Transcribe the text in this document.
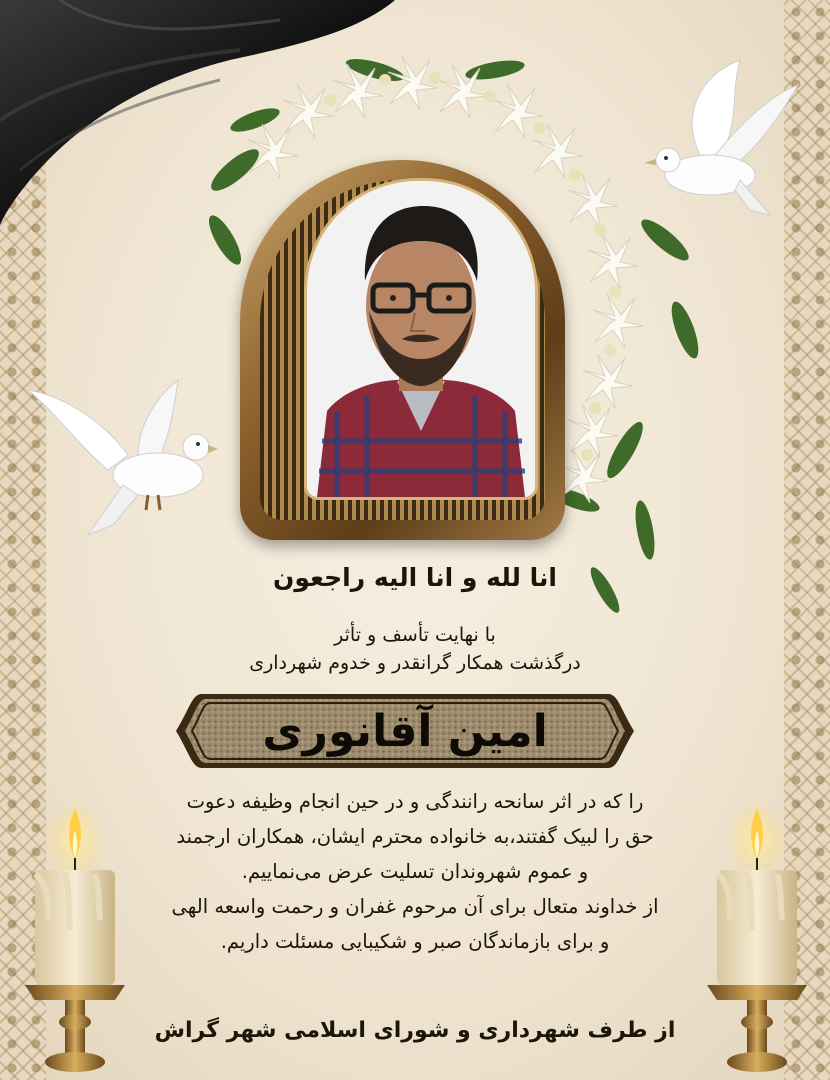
انا لله و انا الیه راجعون
با نهایت تأسف و تأثر
درگذشت همکار گرانقدر و خدوم شهرداری
امین آقانوری

را که در اثر سانحه رانندگی و در حین انجام وظیفه دعوت

حق را لبیک گفتند،به خانواده محترم ایشان، همکاران ارجمند

و عموم شهروندان تسلیت عرض می‌نماییم.

از خداوند متعال برای آن مرحوم غفران و رحمت واسعه الهی

و برای بازماندگان صبر و شکیبایی مسئلت داریم.

از طرف شهرداری و شورای اسلامی شهر گراش
